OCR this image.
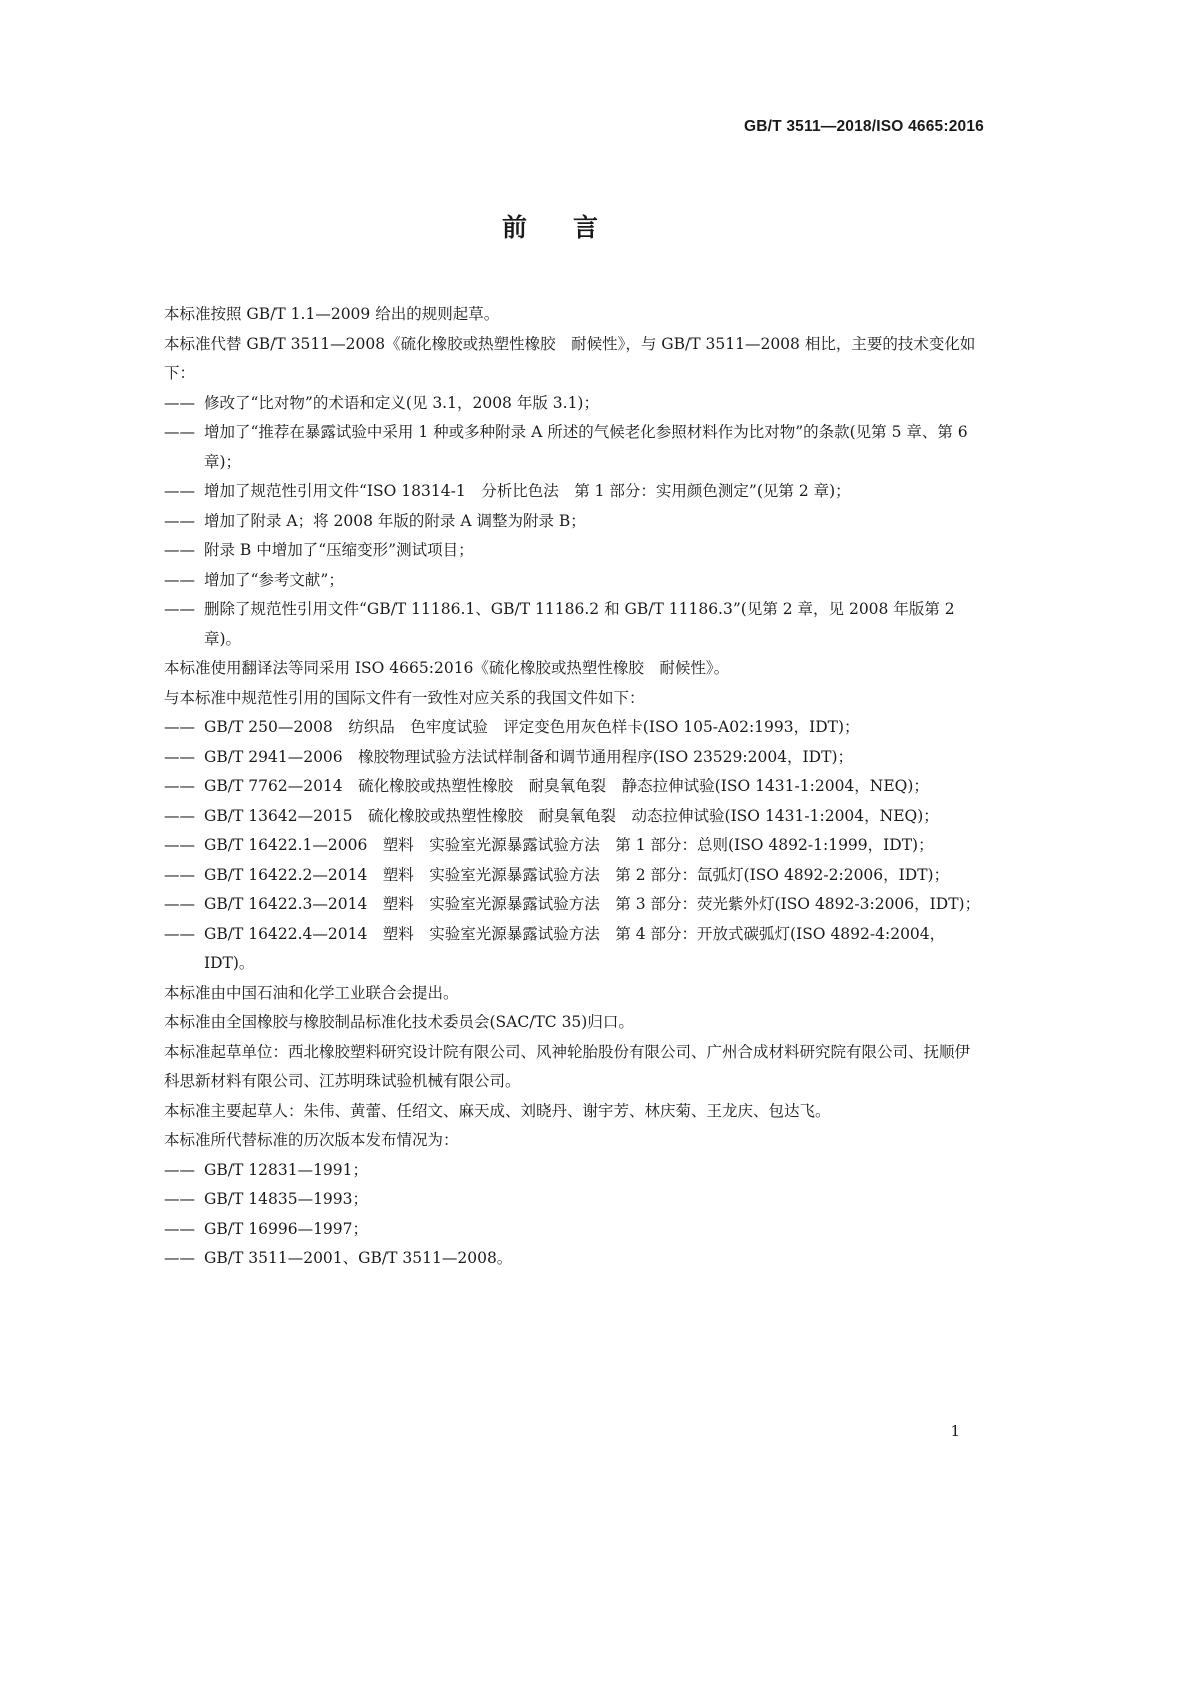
GB/T 3511—2018/ISO 4665:2016
前言

本标准按照 GB/T 1.1—2009 给出的规则起草。

本标准代替 GB/T 3511—2008《硫化橡胶或热塑性橡胶　耐候性》，与 GB/T 3511—2008 相比，主要的技术变化如下：

—— 修改了“比对物”的术语和定义(见 3.1，2008 年版 3.1)；

—— 增加了“推荐在暴露试验中采用 1 种或多种附录 A 所述的气候老化参照材料作为比对物”的条款(见第 5 章、第 6 章)；

—— 增加了规范性引用文件“ISO 18314-1　分析比色法　第 1 部分：实用颜色测定”(见第 2 章)；

—— 增加了附录 A；将 2008 年版的附录 A 调整为附录 B；

—— 附录 B 中增加了“压缩变形”测试项目；

—— 增加了“参考文献”；

—— 删除了规范性引用文件“GB/T 11186.1、GB/T 11186.2 和 GB/T 11186.3”(见第 2 章，见 2008 年版第 2 章)。

本标准使用翻译法等同采用 ISO 4665:2016《硫化橡胶或热塑性橡胶　耐候性》。

与本标准中规范性引用的国际文件有一致性对应关系的我国文件如下：

—— GB/T 250—2008　纺织品　色牢度试验　评定变色用灰色样卡(ISO 105-A02:1993，IDT)；

—— GB/T 2941—2006　橡胶物理试验方法试样制备和调节通用程序(ISO 23529:2004，IDT)；

—— GB/T 7762—2014　硫化橡胶或热塑性橡胶　耐臭氧龟裂　静态拉伸试验(ISO 1431-1:2004，NEQ)；

—— GB/T 13642—2015　硫化橡胶或热塑性橡胶　耐臭氧龟裂　动态拉伸试验(ISO 1431-1:2004，NEQ)；

—— GB/T 16422.1—2006　塑料　实验室光源暴露试验方法　第 1 部分：总则(ISO 4892-1:1999，IDT)；

—— GB/T 16422.2—2014　塑料　实验室光源暴露试验方法　第 2 部分：氙弧灯(ISO 4892-2:2006，IDT)；

—— GB/T 16422.3—2014　塑料　实验室光源暴露试验方法　第 3 部分：荧光紫外灯(ISO 4892-3:2006，IDT)；

—— GB/T 16422.4—2014　塑料　实验室光源暴露试验方法　第 4 部分：开放式碳弧灯(ISO 4892-4:2004，IDT)。

本标准由中国石油和化学工业联合会提出。

本标准由全国橡胶与橡胶制品标准化技术委员会(SAC/TC 35)归口。

本标准起草单位：西北橡胶塑料研究设计院有限公司、风神轮胎股份有限公司、广州合成材料研究院有限公司、抚顺伊科思新材料有限公司、江苏明珠试验机械有限公司。

本标准主要起草人：朱伟、黄蕾、任绍文、麻天成、刘晓丹、谢宇芳、林庆菊、王龙庆、包达飞。

本标准所代替标准的历次版本发布情况为：

—— GB/T 12831—1991；

—— GB/T 14835—1993；

—— GB/T 16996—1997；

—— GB/T 3511—2001、GB/T 3511—2008。

1
